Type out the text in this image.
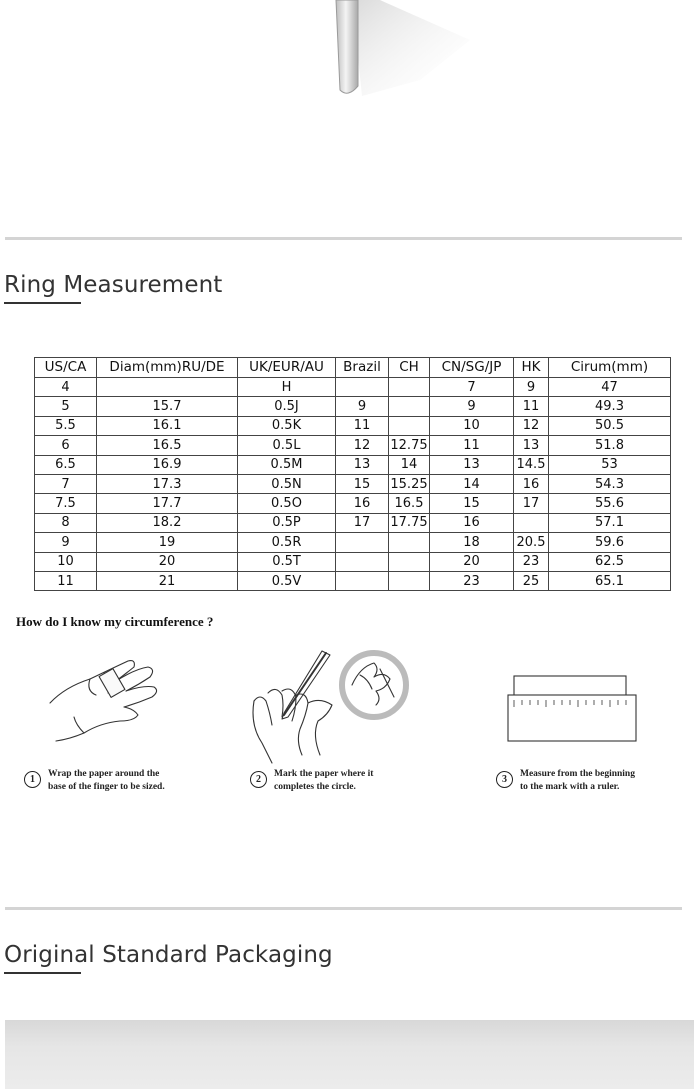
Ring Measurement
US/CA	Diam(mm)RU/DE	UK/EUR/AU	Brazil	CH	CN/SG/JP	HK	Cirum(mm)
4		H			7	9	47
5	15.7	0.5J	9		9	11	49.3
5.5	16.1	0.5K	11		10	12	50.5
6	16.5	0.5L	12	12.75	11	13	51.8
6.5	16.9	0.5M	13	14	13	14.5	53
7	17.3	0.5N	15	15.25	14	16	54.3
7.5	17.7	0.5O	16	16.5	15	17	55.6
8	18.2	0.5P	17	17.75	16		57.1
9	19	0.5R			18	20.5	59.6
10	20	0.5T			20	23	62.5
11	21	0.5V			23	25	65.1

How do I know my circumference ?

1	Wrap the paper around the
base of the finger to be sized.
2	Mark the paper where it
completes the circle.
3	Measure from the beginning
to the mark with a ruler.
Original Standard Packaging
